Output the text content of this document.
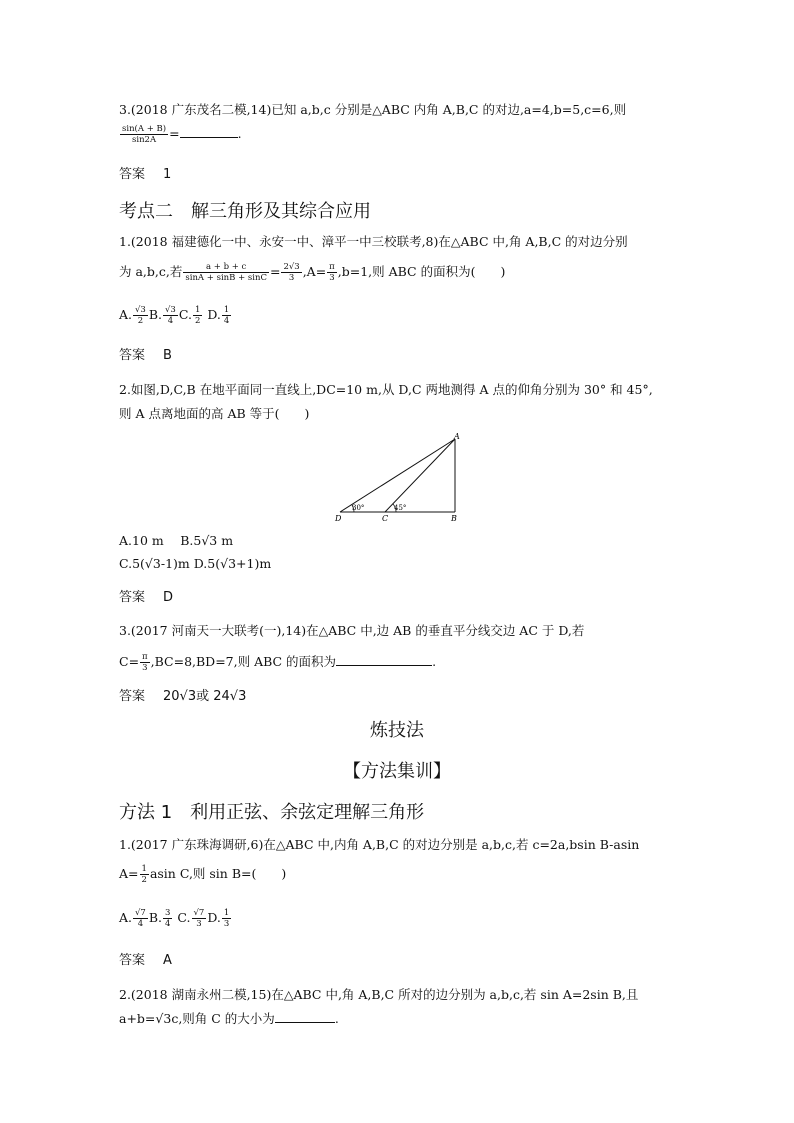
3.(2018 广东茂名二模,14)已知 a,b,c 分别是△ABC 内角 A,B,C 的对边,a=4,b=5,c=6,则
$\frac{\sin(A + B)}{\sin 2A}$ =	.
答案 1
考点二　解三角形及其综合应用
1.(2018 福建德化一中、永安一中、漳平一中三校联考,8)在△ABC 中,角 A,B,C 的对边分别
为 a,b,c,若 $\frac{a + b + c}{\sin A + \sin B + \sin C} = \frac{2√3}{3} ,A= \frac{\pi}{3} ,b=1$,则 ABC 的面积为(　　)
A. $\frac{√3}{2} B$. $\frac{√3}{4} C$. $\frac{1}{2} D$. $\frac{1}{4}$
答案 B
2.如图,D,C,B 在地平面同一直线上,DC=10 m,从 D,C 两地测得 A 点的仰角分别为 30° 和 45°,
则 A 点离地面的高 AB 等于(　　)
A
B
C
D
30°	45°
A.10 m　 B.5√3 m
C.5(√3-1)m D.5(√3+1)m
答案 D
3.(2017 河南天一大联考(一),14)在△ABC 中,边 AB 的垂直平分线交边 AC 于 D,若
$C= \frac{\pi}{3} ,BC=8,BD=7$,则 ABC 的面积为	.
答案 20√3或 24√3
炼技法
【方法集训】
方法 1　利用正弦、余弦定理解三角形
1.(2017 广东珠海调研,6)在△ABC 中,内角 A,B,C 的对边分别是 a,b,c,若 c=2a,bsin B-asin
$A= \frac{1}{2}$ asin C,则 sin B=(　　)
A. $\frac{√7}{4} B$. $\frac{3}{4} C$. $\frac{√7}{3} D$. $\frac{1}{3}$
答案 A
2.(2018 湖南永州二模,15)在△ABC 中,角 A,B,C 所对的边分别为 a,b,c,若 sin A=2sin B,且
a+b=√3c,则角 C 的大小为	.
